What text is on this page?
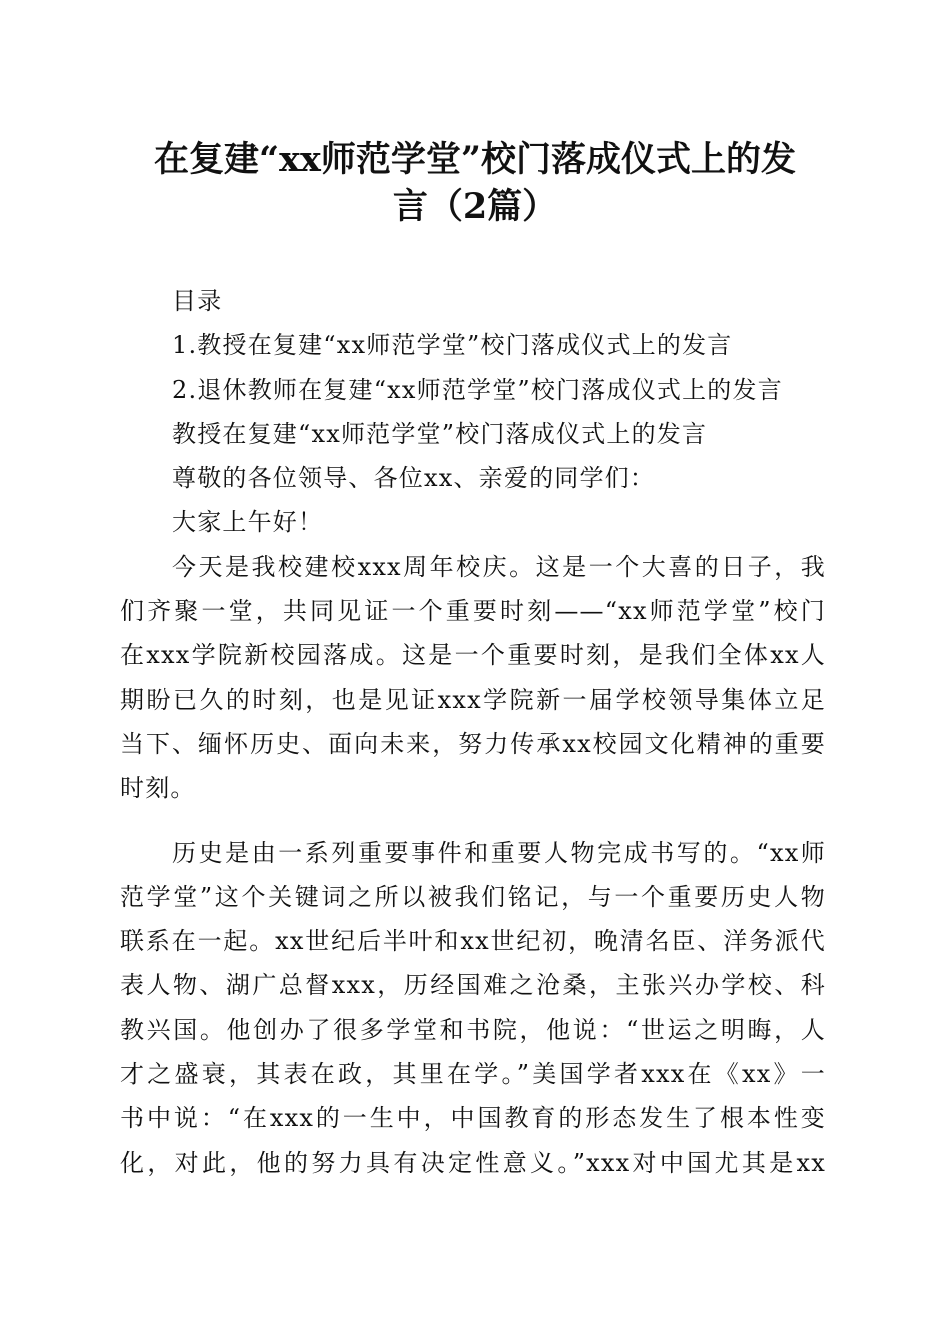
在复建“xx师范学堂”校门落成仪式上的发
言（2篇）
目录
1.教授在复建“xx师范学堂”校门落成仪式上的发言
2.退休教师在复建“xx师范学堂”校门落成仪式上的发言
教授在复建“xx师范学堂”校门落成仪式上的发言
尊敬的各位领导、各位xx、亲爱的同学们：
大家上午好！
今天是我校建校xxx周年校庆。这是一个大喜的日子，我
们齐聚一堂，共同见证一个重要时刻——“xx师范学堂”校门
在xxx学院新校园落成。这是一个重要时刻，是我们全体xx人
期盼已久的时刻，也是见证xxx学院新一届学校领导集体立足
当下、缅怀历史、面向未来，努力传承xx校园文化精神的重要
时刻。
历史是由一系列重要事件和重要人物完成书写的。“xx师
范学堂”这个关键词之所以被我们铭记，与一个重要历史人物
联系在一起。xx世纪后半叶和xx世纪初，晚清名臣、洋务派代
表人物、湖广总督xxx，历经国难之沧桑，主张兴办学校、科
教兴国。他创办了很多学堂和书院，他说：“世运之明晦，人
才之盛衰，其表在政，其里在学。”美国学者xxx在《xx》一
书中说：“在xxx的一生中，中国教育的形态发生了根本性变
化，对此，他的努力具有决定性意义。”xxx对中国尤其是xx
